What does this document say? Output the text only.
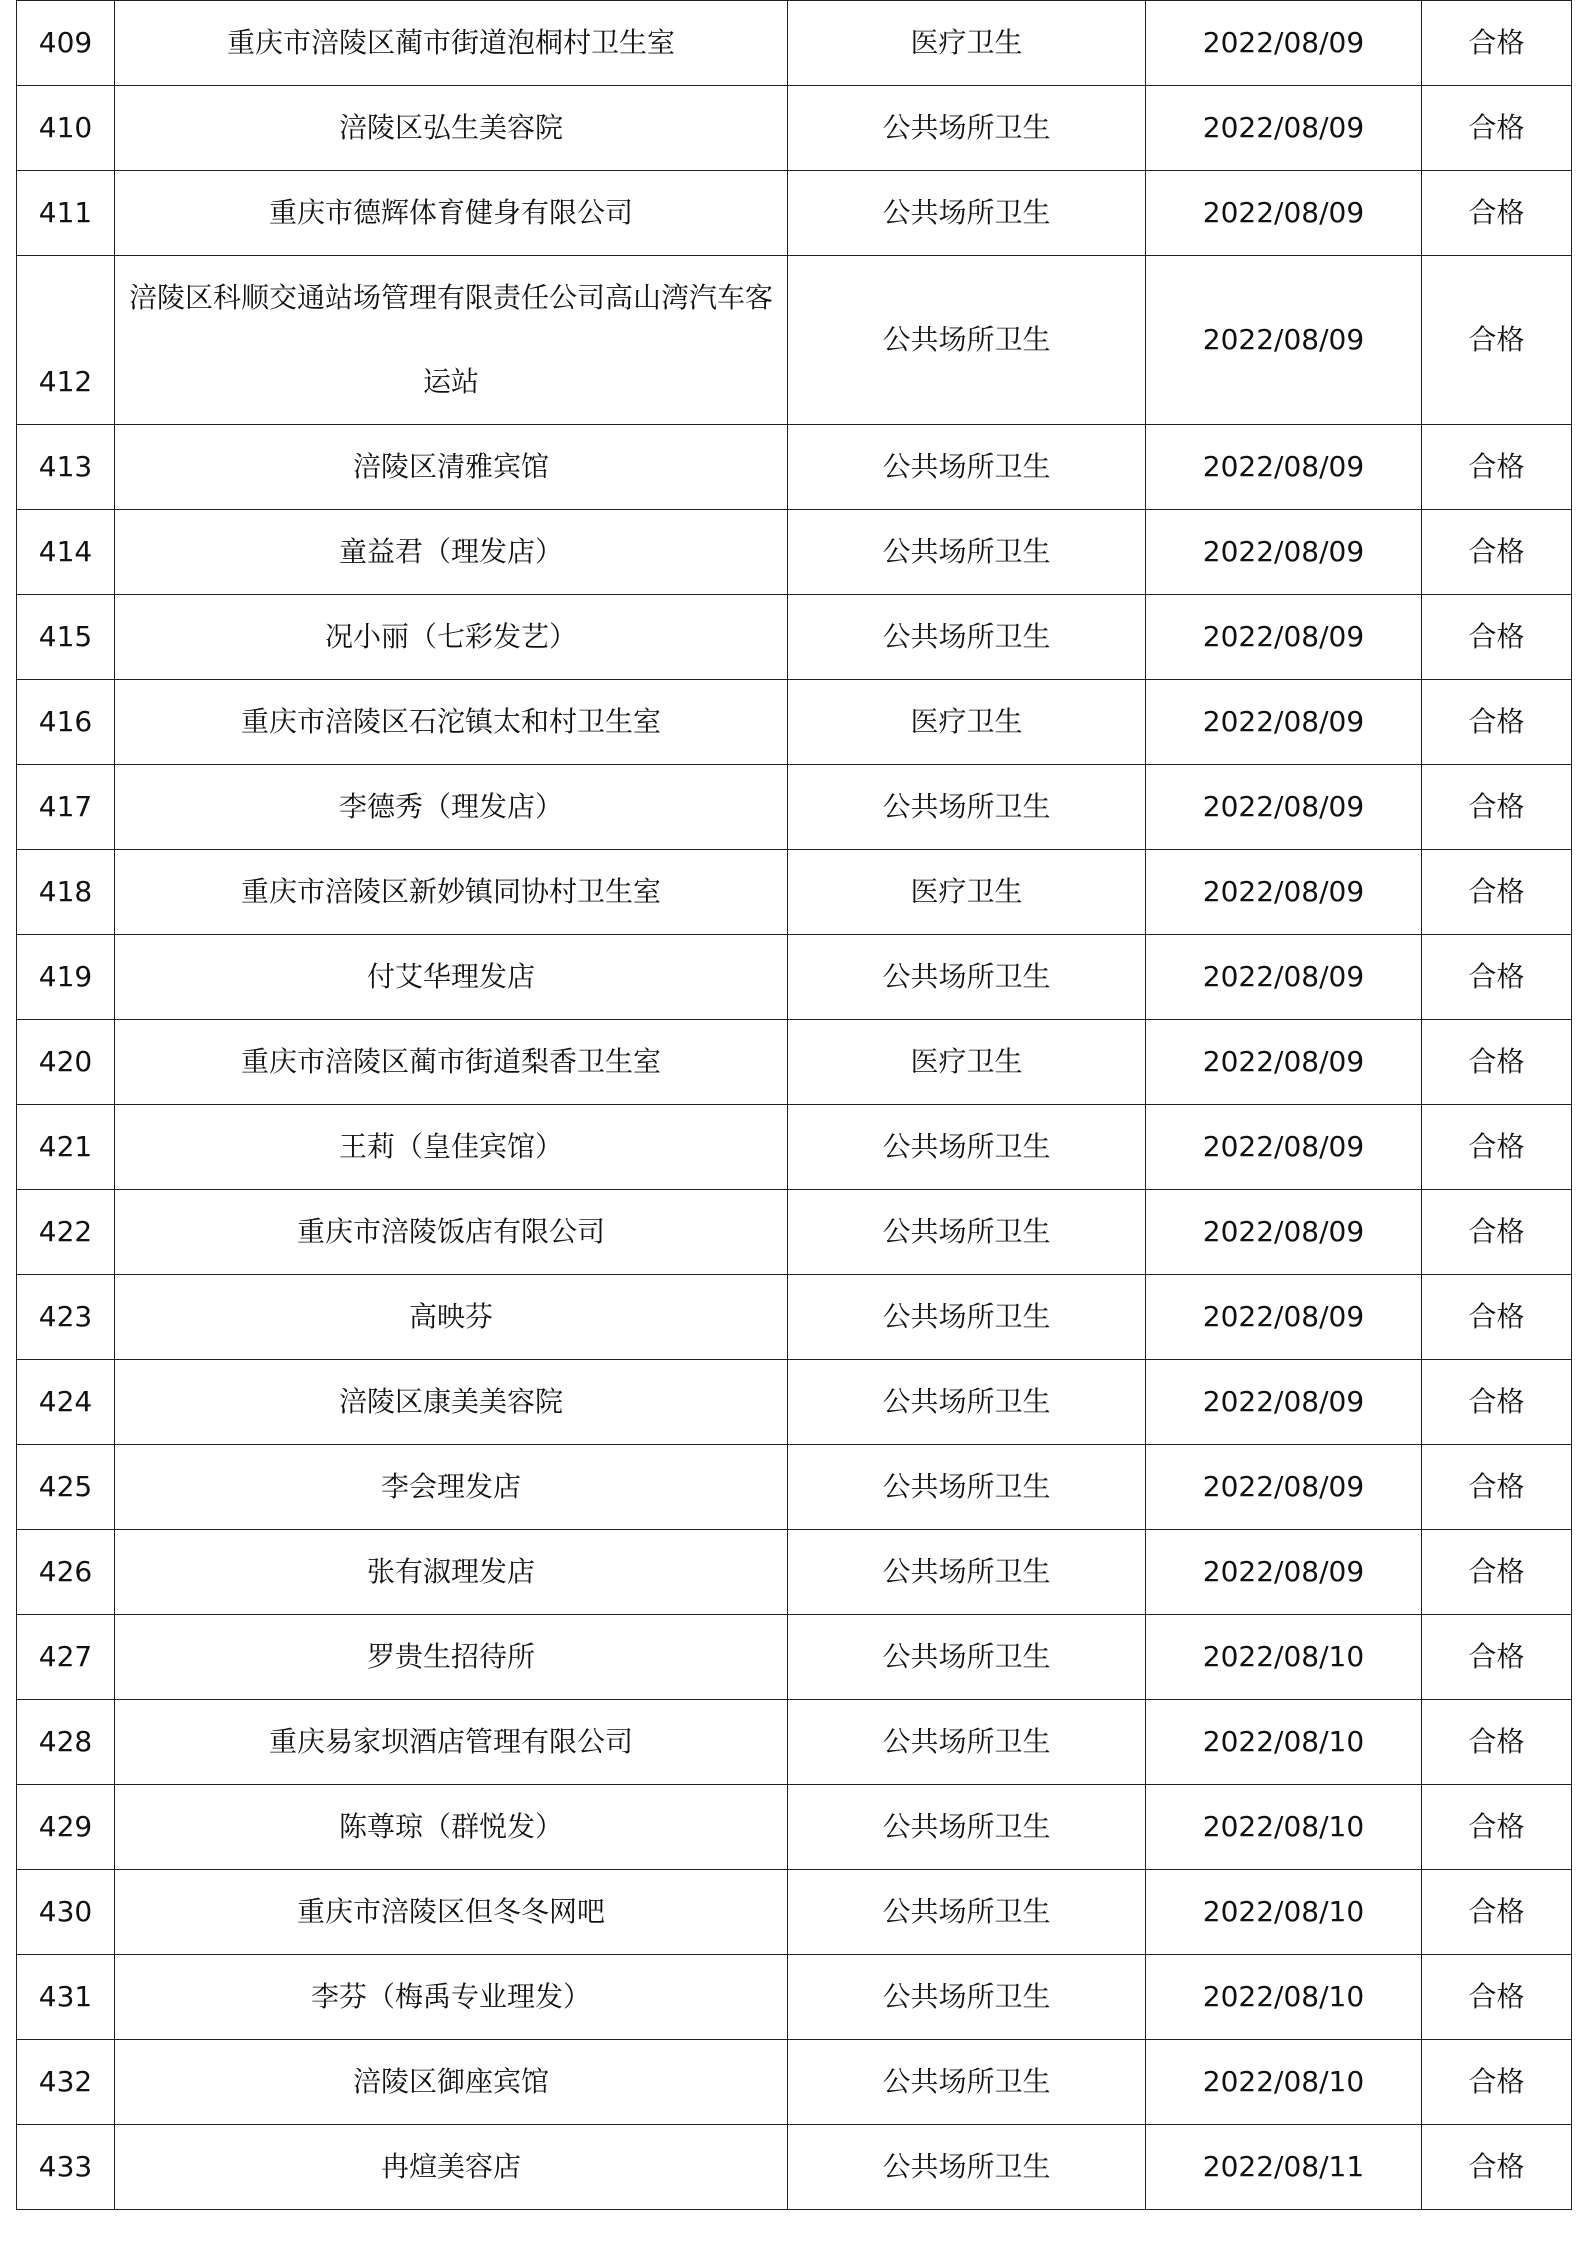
409	重庆市涪陵区蔺市街道泡桐村卫生室	医疗卫生	2022/08/09	合格
410	涪陵区弘生美容院	公共场所卫生	2022/08/09	合格
411	重庆市德辉体育健身有限公司	公共场所卫生	2022/08/09	合格
412	涪陵区科顺交通站场管理有限责任公司高山湾汽车客运站	公共场所卫生	2022/08/09	合格
413	涪陵区清雅宾馆	公共场所卫生	2022/08/09	合格
414	童益君（理发店）	公共场所卫生	2022/08/09	合格
415	况小丽（七彩发艺）	公共场所卫生	2022/08/09	合格
416	重庆市涪陵区石沱镇太和村卫生室	医疗卫生	2022/08/09	合格
417	李德秀（理发店）	公共场所卫生	2022/08/09	合格
418	重庆市涪陵区新妙镇同协村卫生室	医疗卫生	2022/08/09	合格
419	付艾华理发店	公共场所卫生	2022/08/09	合格
420	重庆市涪陵区蔺市街道梨香卫生室	医疗卫生	2022/08/09	合格
421	王莉（皇佳宾馆）	公共场所卫生	2022/08/09	合格
422	重庆市涪陵饭店有限公司	公共场所卫生	2022/08/09	合格
423	高映芬	公共场所卫生	2022/08/09	合格
424	涪陵区康美美容院	公共场所卫生	2022/08/09	合格
425	李会理发店	公共场所卫生	2022/08/09	合格
426	张有淑理发店	公共场所卫生	2022/08/09	合格
427	罗贵生招待所	公共场所卫生	2022/08/10	合格
428	重庆易家坝酒店管理有限公司	公共场所卫生	2022/08/10	合格
429	陈尊琼（群悦发）	公共场所卫生	2022/08/10	合格
430	重庆市涪陵区但冬冬网吧	公共场所卫生	2022/08/10	合格
431	李芬（梅禹专业理发）	公共场所卫生	2022/08/10	合格
432	涪陵区御座宾馆	公共场所卫生	2022/08/10	合格
433	冉煊美容店	公共场所卫生	2022/08/11	合格
